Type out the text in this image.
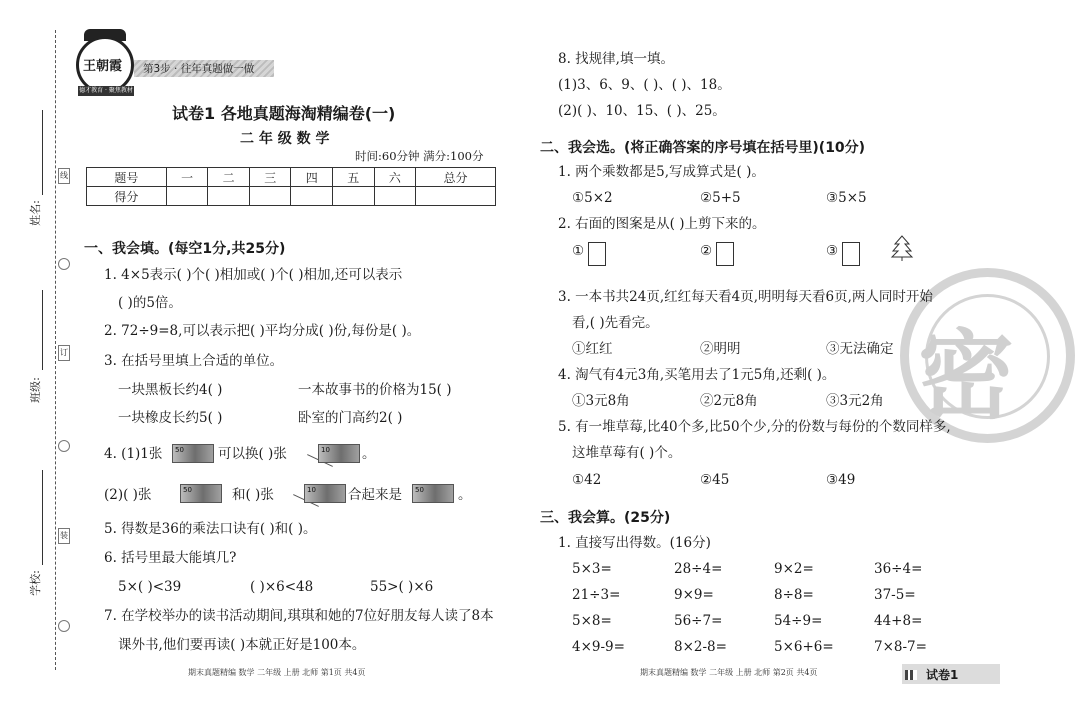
线
订
装
姓名:
班级:
学校:
王朝霞
德才教育 · 聚焦教材
第3步 · 往年真题做一做
试卷1 各地真题海淘精编卷(一)
二 年 级 数 学
时间:60分钟 满分:100分
题号	一	二	三	四	五	六	总分
得分							
一、我会填。(每空1分,共25分)
1. 4×5表示( )个( )相加或( )个( )相加,还可以表示
( )的5倍。
2. 72÷9=8,可以表示把( )平均分成( )份,每份是( )。
3. 在括号里填上合适的单位。
一块黑板长约4( )	一本故事书的价格为15( )
一块橡皮长约5( )	卧室的门高约2( )
4. (1)1张 50	可以换( )张	10 。
(2)( )张	50	和( )张	10 合起来是 50	。
5. 得数是36的乘法口诀有( )和( )。
6. 括号里最大能填几?
5×( )<39	( )×6<48	55>( )×6
7. 在学校举办的读书活动期间,琪琪和她的7位好朋友每人读了8本
课外书,他们要再读( )本就正好是100本。
8. 找规律,填一填。
(1)3、6、9、( )、( )、18。
(2)( )、10、15、( )、25。
密
二、我会选。(将正确答案的序号填在括号里)(10分)
1. 两个乘数都是5,写成算式是( )。
①5×2	②5+5	③5×5
2. 右面的图案是从( )上剪下来的。
①	②	③
3. 一本书共24页,红红每天看4页,明明每天看6页,两人同时开始
看,( )先看完。
①红红	②明明	③无法确定
4. 淘气有4元3角,买笔用去了1元5角,还剩( )。
①3元8角	②2元8角	③3元2角
5. 有一堆草莓,比40个多,比50个少,分的份数与每份的个数同样多,
这堆草莓有( )个。
①42	②45	③49
三、我会算。(25分)
1. 直接写出得数。(16分)
5×3=	28÷4=	9×2=	36÷4=
21÷3=	9×9=	8÷8=	37-5=
5×8=	56÷7=	54÷9=	44+8=
4×9-9=	8×2-8=	5×6+6=	7×8-7=
期末真题精编 数学 二年级 上册 北师 第1页 共4页	期末真题精编 数学 二年级 上册 北师 第2页 共4页	试卷1
